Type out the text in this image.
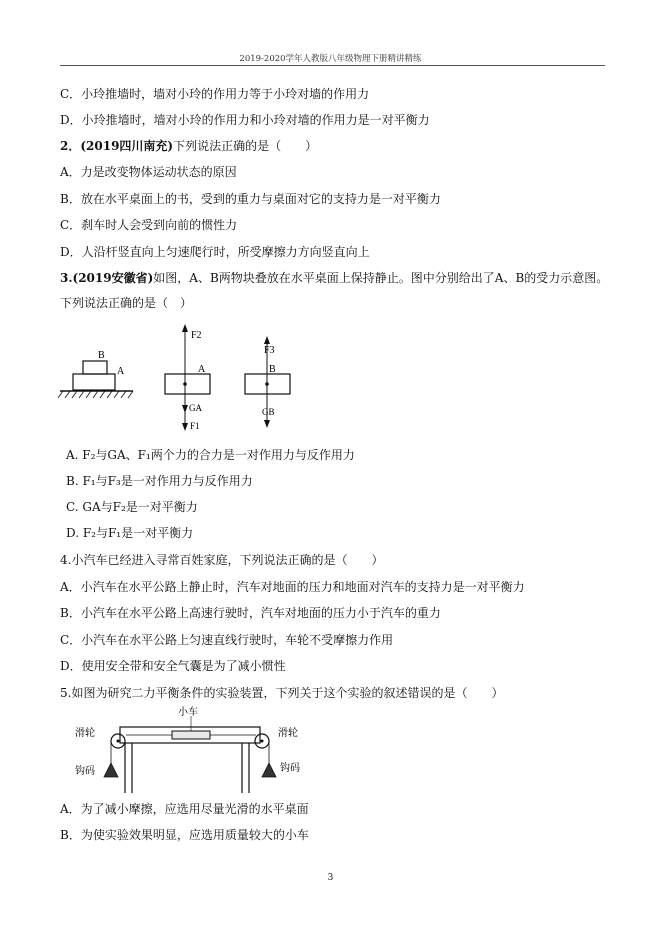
2019-2020学年人教版八年级物理下册精讲精练
C．小玲推墙时，墙对小玲的作用力等于小玲对墙的作用力
D．小玲推墙时，墙对小玲的作用力和小玲对墙的作用力是一对平衡力
2．(2019四川南充)下列说法正确的是（　　）
A．力是改变物体运动状态的原因
B．放在水平桌面上的书，受到的重力与桌面对它的支持力是一对平衡力
C．刹车时人会受到向前的惯性力
D．人沿杆竖直向上匀速爬行时，所受摩擦力方向竖直向上
3.(2019安徽省)如图，A、B两物块叠放在水平桌面上保持静止。图中分别给出了A、B的受力示意图。
下列说法正确的是（　）
B
A
F2
A
GA
F1
F3
B
GB
A. F₂与GA、F₁两个力的合力是一对作用力与反作用力
B. F₁与F₃是一对作用力与反作用力
C. GA与F₂是一对平衡力
D. F₂与F₁是一对平衡力
4.小汽车已经进入寻常百姓家庭，下列说法正确的是（　　）
A．小汽车在水平公路上静止时，汽车对地面的压力和地面对汽车的支持力是一对平衡力
B．小汽车在水平公路上高速行驶时，汽车对地面的压力小于汽车的重力
C．小汽车在水平公路上匀速直线行驶时，车轮不受摩擦力作用
D．使用安全带和安全气囊是为了减小惯性
5.如图为研究二力平衡条件的实验装置，下列关于这个实验的叙述错误的是（　　）
小车
滑轮	滑轮
钩码	钩码
A．为了减小摩擦，应选用尽量光滑的水平桌面
B．为使实验效果明显，应选用质量较大的小车
3
